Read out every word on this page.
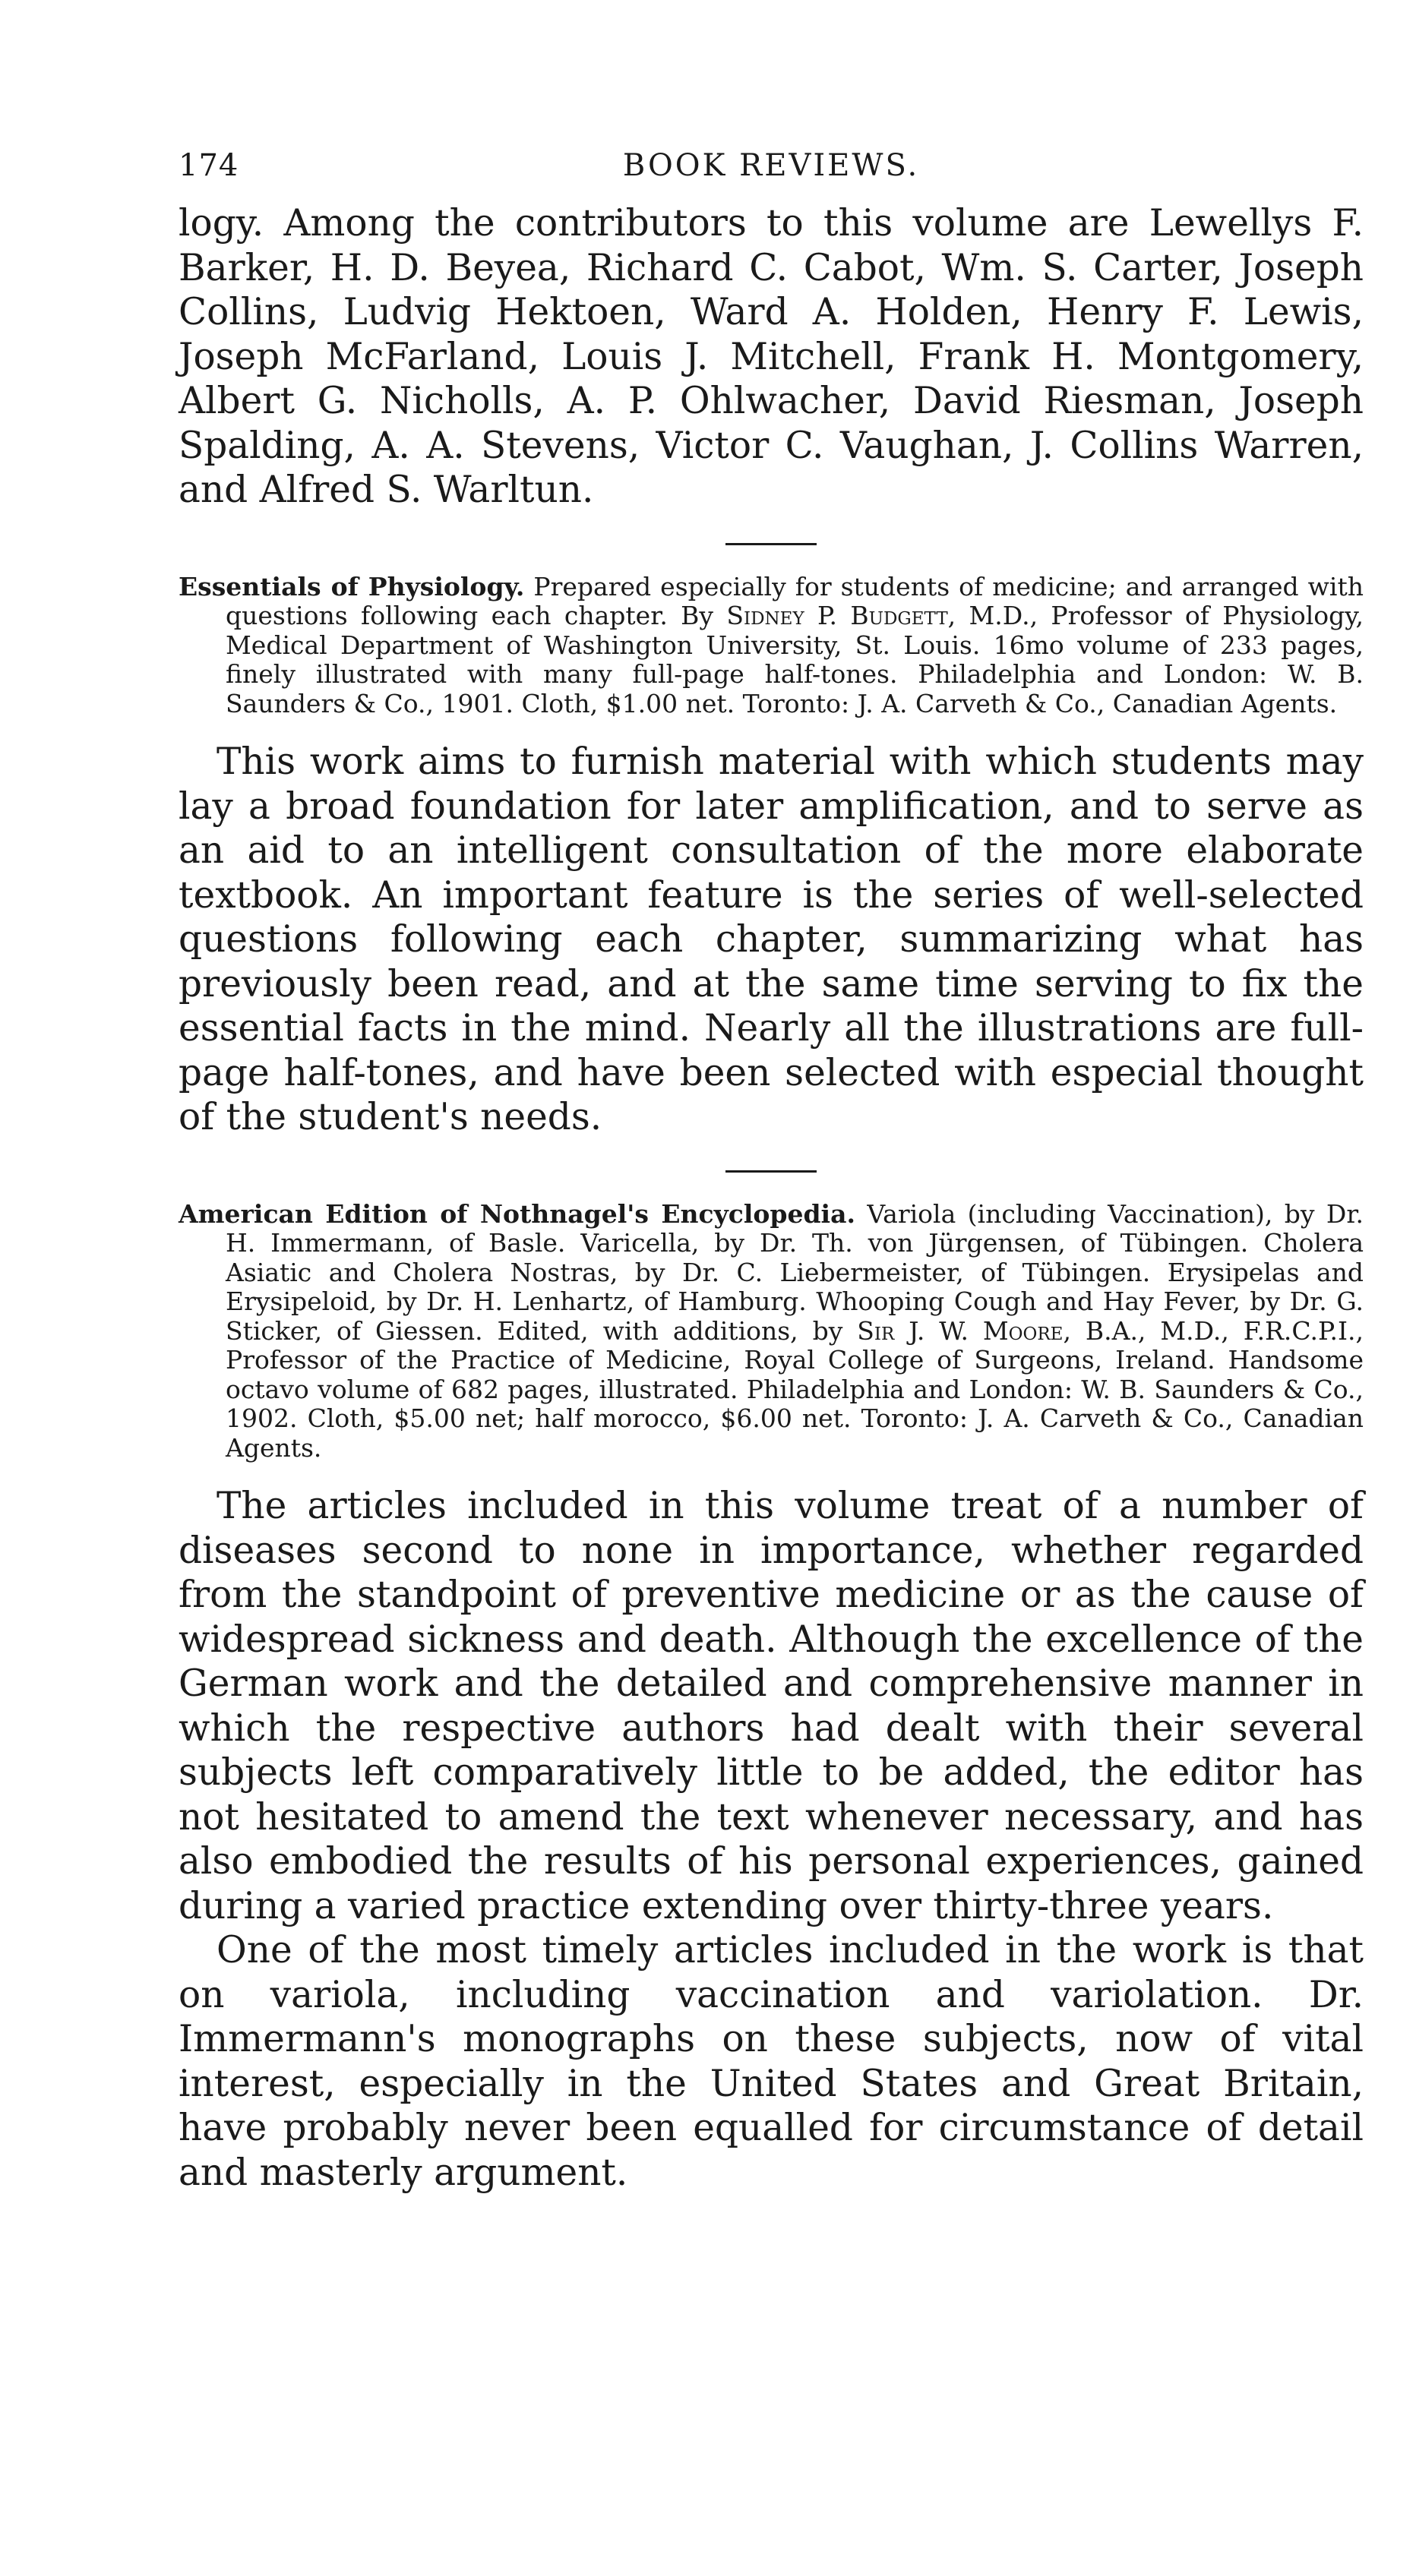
174	BOOK REVIEWS.

logy. Among the contributors to this volume are Lewellys F. Barker, H. D. Beyea, Richard C. Cabot, Wm. S. Carter, Joseph Collins, Ludvig Hektoen, Ward A. Holden, Henry F. Lewis, Joseph McFarland, Louis J. Mitchell, Frank H. Montgomery, Albert G. Nicholls, A. P. Ohlwacher, David Riesman, Joseph Spalding, A. A. Stevens, Victor C. Vaughan, J. Collins Warren, and Alfred S. Warltun.

Essentials of Physiology. Prepared especially for students of medicine; and arranged with questions following each chapter. By Sidney P. Budgett, M.D., Professor of Physiology, Medical Department of Washington University, St. Louis. 16mo volume of 233 pages, finely illustrated with many full-page half-tones. Philadelphia and London: W. B. Saunders & Co., 1901. Cloth, $1.00 net. Toronto: J. A. Carveth & Co., Canadian Agents.

This work aims to furnish material with which students may lay a broad foundation for later amplification, and to serve as an aid to an intelligent consultation of the more elaborate textbook. An important feature is the series of well-selected questions following each chapter, summarizing what has previously been read, and at the same time serving to fix the essential facts in the mind. Nearly all the illustrations are full-page half-tones, and have been selected with especial thought of the student's needs.

American Edition of Nothnagel's Encyclopedia. Variola (including Vaccination), by Dr. H. Immermann, of Basle. Varicella, by Dr. Th. von Jürgensen, of Tübingen. Cholera Asiatic and Cholera Nostras, by Dr. C. Liebermeister, of Tübingen. Erysipelas and Erysipeloid, by Dr. H. Lenhartz, of Hamburg. Whooping Cough and Hay Fever, by Dr. G. Sticker, of Giessen. Edited, with additions, by Sir J. W. Moore, B.A., M.D., F.R.C.P.I., Professor of the Practice of Medicine, Royal College of Surgeons, Ireland. Handsome octavo volume of 682 pages, illustrated. Philadelphia and London: W. B. Saunders & Co., 1902. Cloth, $5.00 net; half morocco, $6.00 net. Toronto: J. A. Carveth & Co., Canadian Agents.

The articles included in this volume treat of a number of diseases second to none in importance, whether regarded from the standpoint of preventive medicine or as the cause of widespread sickness and death. Although the excellence of the German work and the detailed and comprehensive manner in which the respective authors had dealt with their several subjects left comparatively little to be added, the editor has not hesitated to amend the text whenever necessary, and has also embodied the results of his personal experiences, gained during a varied practice extending over thirty-three years.

One of the most timely articles included in the work is that on variola, including vaccination and variolation. Dr. Immermann's monographs on these subjects, now of vital interest, especially in the United States and Great Britain, have probably never been equalled for circumstance of detail and masterly argument.
